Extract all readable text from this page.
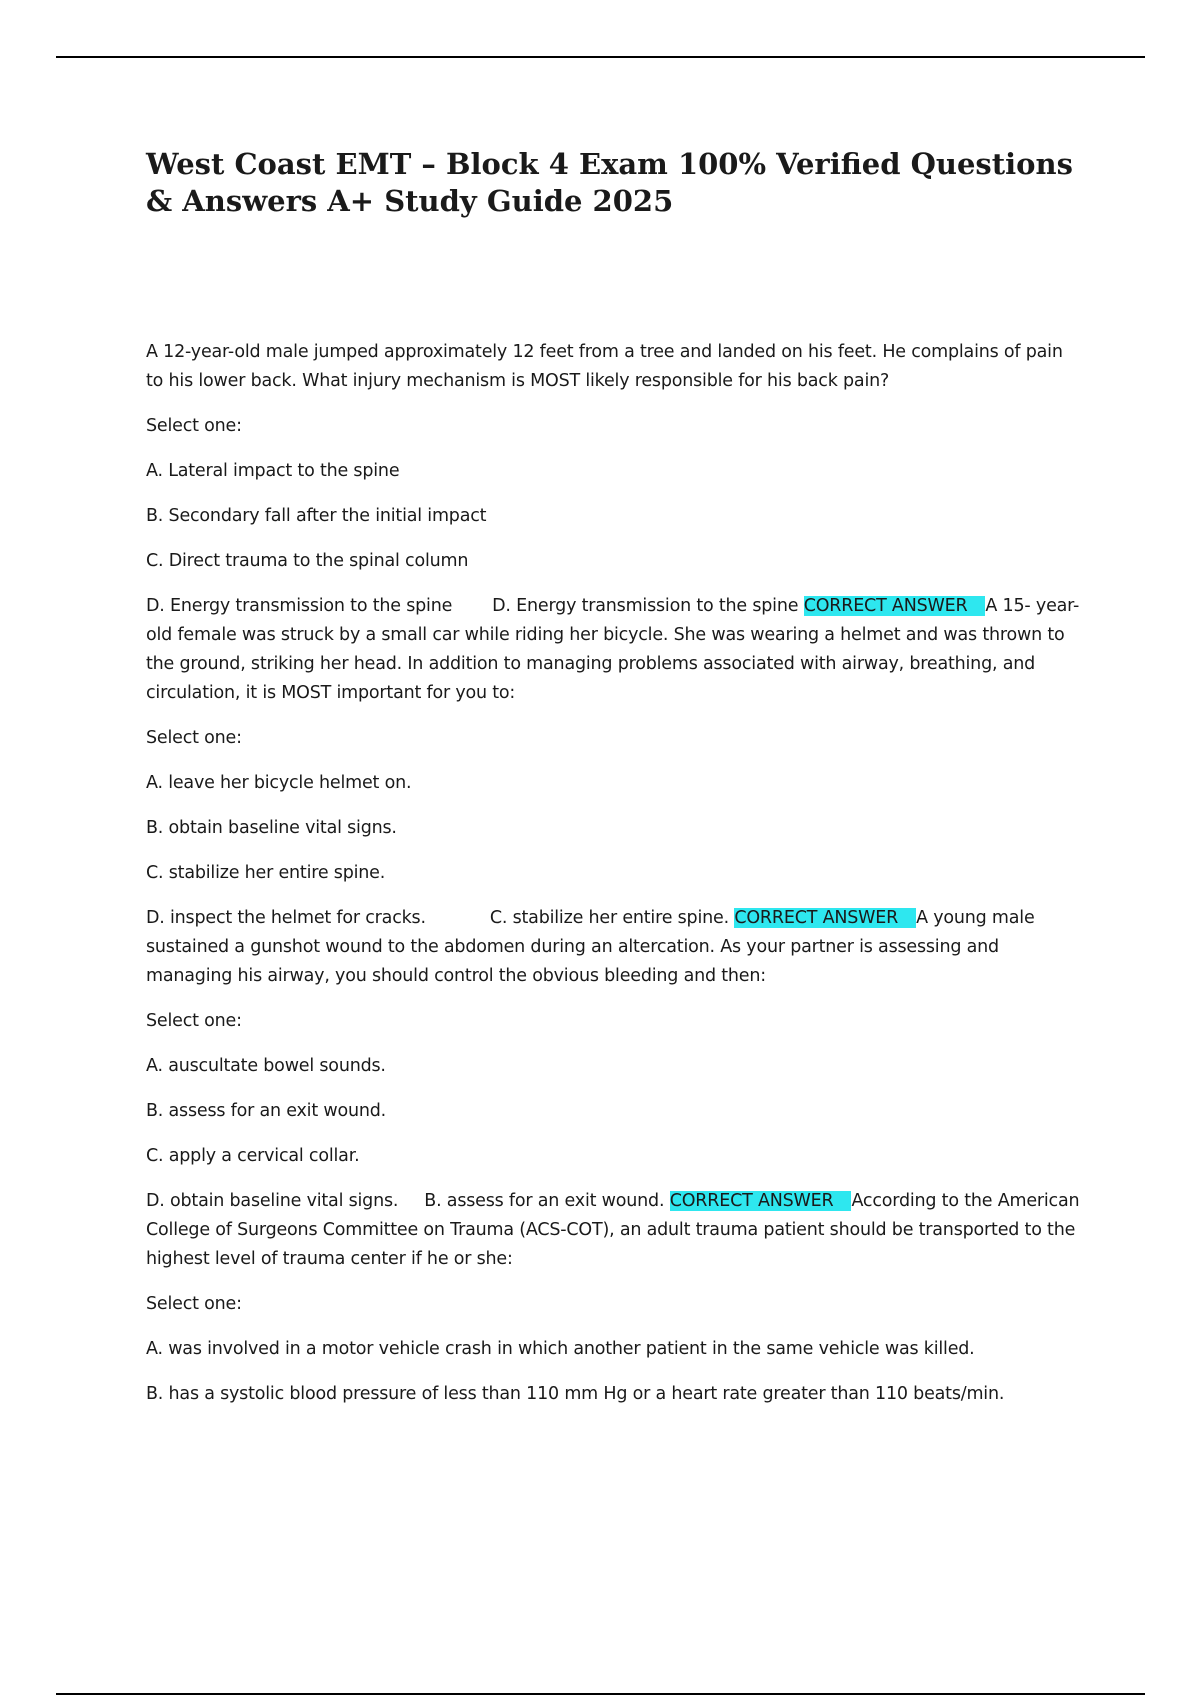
West Coast EMT – Block 4 Exam 100% Verified Questions & Answers A+ Study Guide 2025

A 12-year-old male jumped approximately 12 feet from a tree and landed on his feet. He complains of pain to his lower back. What injury mechanism is MOST likely responsible for his back pain?

Select one:

A. Lateral impact to the spine

B. Secondary fall after the initial impact

C. Direct trauma to the spinal column

D. Energy transmission to the spine D. Energy transmission to the spine CORRECT ANSWER A 15- year-old female was struck by a small car while riding her bicycle. She was wearing a helmet and was thrown to the ground, striking her head. In addition to managing problems associated with airway, breathing, and circulation, it is MOST important for you to:

Select one:

A. leave her bicycle helmet on.

B. obtain baseline vital signs.

C. stabilize her entire spine.

D. inspect the helmet for cracks.	C. stabilize her entire spine. CORRECT ANSWER A young male sustained a gunshot wound to the abdomen during an altercation. As your partner is assessing and managing his airway, you should control the obvious bleeding and then:

Select one:

A. auscultate bowel sounds.

B. assess for an exit wound.

C. apply a cervical collar.

D. obtain baseline vital signs. B. assess for an exit wound. CORRECT ANSWER According to the American College of Surgeons Committee on Trauma (ACS-COT), an adult trauma patient should be transported to the highest level of trauma center if he or she:

Select one:

A. was involved in a motor vehicle crash in which another patient in the same vehicle was killed.

B. has a systolic blood pressure of less than 110 mm Hg or a heart rate greater than 110 beats/min.
